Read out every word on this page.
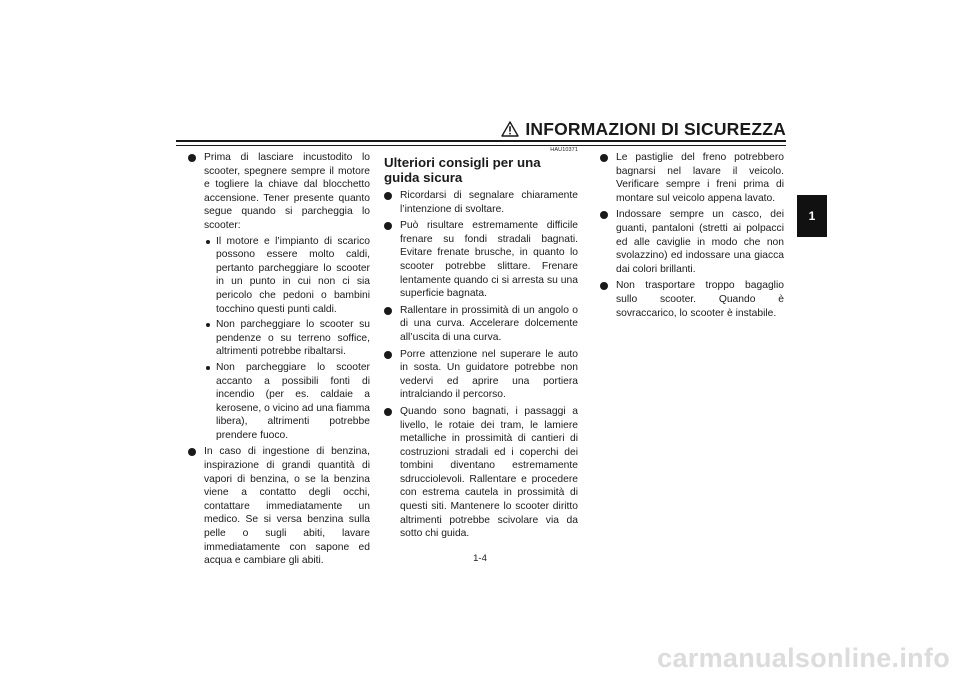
INFORMAZIONI DI SICUREZZA
1
Prima di lasciare incustodito lo scooter, spegnere sempre il motore e togliere la chiave dal blocchetto accensione. Tener presente quanto segue quando si parcheggia lo scooter:
Il motore e l’impianto di scarico possono essere molto caldi, pertanto parcheggiare lo scooter in un punto in cui non ci sia pericolo che pedoni o bambini tocchino questi punti caldi.
Non parcheggiare lo scooter su pendenze o su terreno soffice, altrimenti potrebbe ribaltarsi.
Non parcheggiare lo scooter accanto a possibili fonti di incendio (per es. caldaie a kerosene, o vicino ad una fiamma libera), altrimenti potrebbe prendere fuoco.
In caso di ingestione di benzina, inspirazione di grandi quantità di vapori di benzina, o se la benzina viene a contatto degli occhi, contattare immediatamente un medico. Se si versa benzina sulla pelle o sugli abiti, lavare immediatamente con sapone ed acqua e cambiare gli abiti.
HAU10371
Ulteriori consigli per una guida sicura
Ricordarsi di segnalare chiaramente l’intenzione di svoltare.
Può risultare estremamente difficile frenare su fondi stradali bagnati. Evitare frenate brusche, in quanto lo scooter potrebbe slittare. Frenare lentamente quando ci si arresta su una superficie bagnata.
Rallentare in prossimità di un angolo o di una curva. Accelerare dolcemente all’uscita di una curva.
Porre attenzione nel superare le auto in sosta. Un guidatore potrebbe non vedervi ed aprire una portiera intralciando il percorso.
Quando sono bagnati, i passaggi a livello, le rotaie dei tram, le lamiere metalliche in prossimità di cantieri di costruzioni stradali ed i coperchi dei tombini diventano estremamente sdrucciolevoli. Rallentare e procedere con estrema cautela in prossimità di questi siti. Mantenere lo scooter diritto altrimenti potrebbe scivolare via da sotto chi guida.
Le pastiglie del freno potrebbero bagnarsi nel lavare il veicolo. Verificare sempre i freni prima di montare sul veicolo appena lavato.
Indossare sempre un casco, dei guanti, pantaloni (stretti ai polpacci ed alle caviglie in modo che non svolazzino) ed indossare una giacca dai colori brillanti.
Non trasportare troppo bagaglio sullo scooter. Quando è sovraccarico, lo scooter è instabile.
1-4
carmanualsonline.info
